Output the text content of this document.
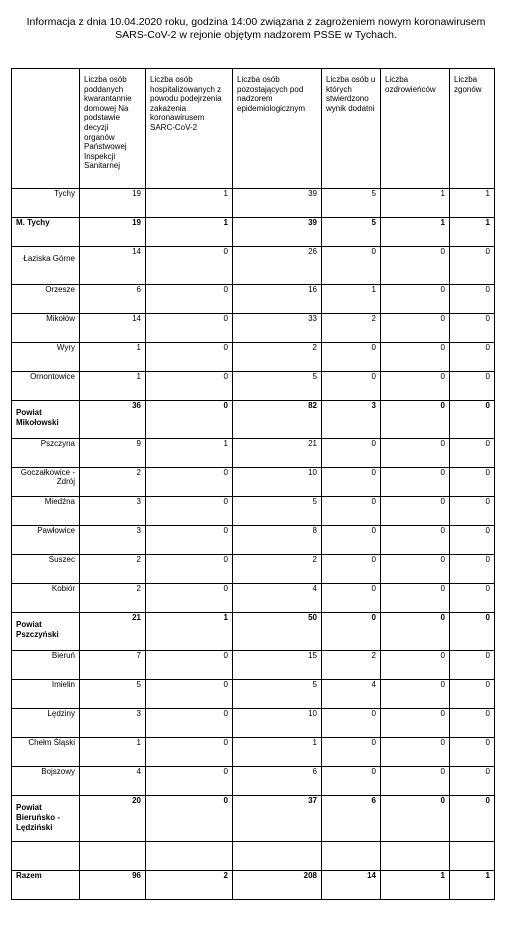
Informacja z dnia 10.04.2020 roku, godzina 14:00 związana z zagrożeniem nowym koronawirusem
SARS-CoV-2 w rejonie objętym nadzorem PSSE w Tychach.
	Liczba osób poddanych kwarantannie domowej Na podstawie decyzji organów Państwowej Inspekcji Sanitarnej	Liczba osób hospitalizowanych z powodu podejrzenia zakażenia koronawirusem SARC-CoV-2	Liczba osób pozostających pod nadzorem epidemiologicznym	Liczba osób u których stwierdzono wynik dodatni	Liczba ozdrowieńców	Liczba zgonów
Tychy	19	1	39	5	1	1
M. Tychy	19	1	39	5	1	1
Łaziska Górne	14	0	26	0	0	0
Orzesze	6	0	16	1	0	0
Mikołów	14	0	33	2	0	0
Wyry	1	0	2	0	0	0
Ornontowice	1	0	5	0	0	0
Powiat Mikołowski	36	0	82	3	0	0
Pszczyna	9	1	21	0	0	0
Goczałkowice - Zdrój	2	0	10	0	0	0
Miedźna	3	0	5	0	0	0
Pawłowice	3	0	8	0	0	0
Suszec	2	0	2	0	0	0
Kobiór	2	0	4	0	0	0
Powiat Pszczyński	21	1	50	0	0	0
Bieruń	7	0	15	2	0	0
Imielin	5	0	5	4	0	0
Lędziny	3	0	10	0	0	0
Chełm Śląski	1	0	1	0	0	0
Bojszowy	4	0	6	0	0	0
Powiat Bieruńsko - Lędziński	20	0	37	6	0	0

Razem	96	2	208	14	1	1
